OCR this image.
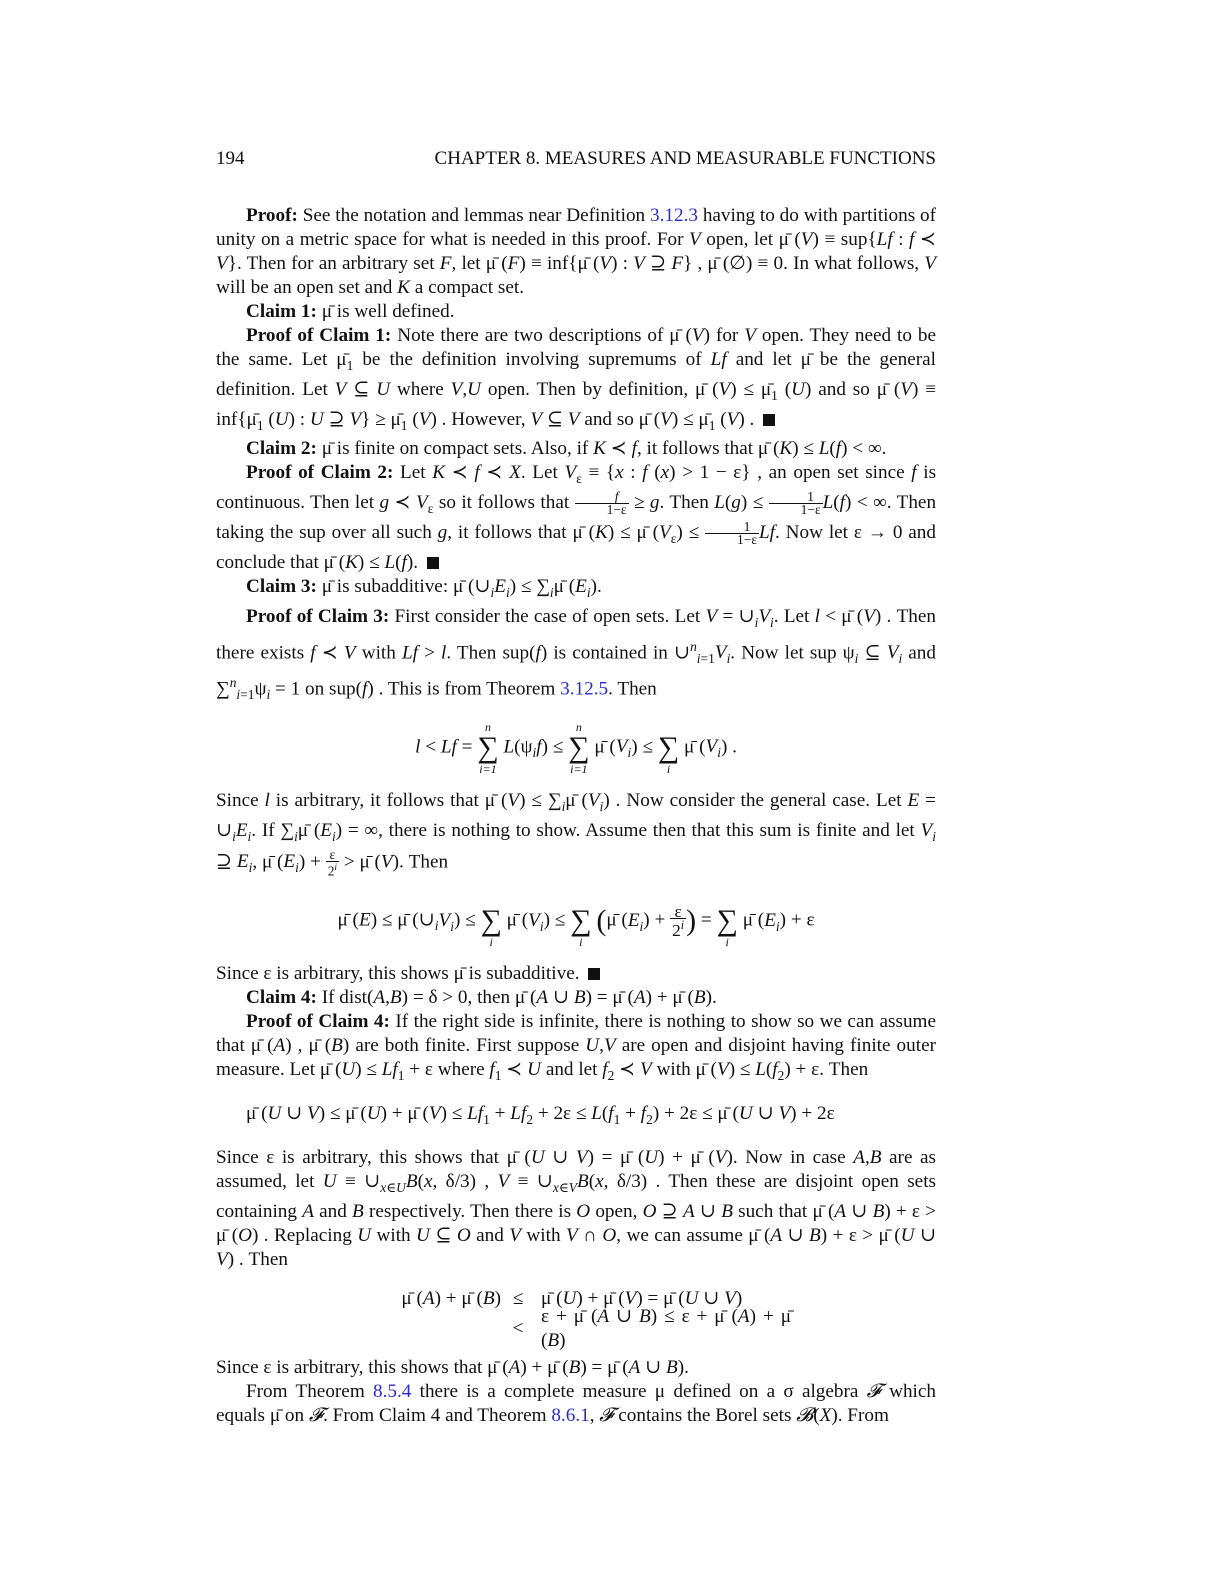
194	CHAPTER 8. MEASURES AND MEASURABLE FUNCTIONS

Proof: See the notation and lemmas near Definition 3.12.3 having to do with partitions of unity on a metric space for what is needed in this proof. For V open, let μ̄ (V) ≡ sup{Lf : f ≺ V}. Then for an arbitrary set F, let μ̄ (F) ≡ inf{μ̄ (V) : V ⊇ F} , μ̄ (∅) ≡ 0. In what follows, V will be an open set and K a compact set.

Claim 1: μ̄ is well defined.

Proof of Claim 1: Note there are two descriptions of μ̄ (V) for V open. They need to be the same. Let $\mū_1$ be the definition involving supremums of Lf and let μ̄ be the general definition. Let V ⊆ U where V,U open. Then by definition, μ̄ $(V) \le \mū_1$ (U) and so μ̄ $(V) \equiv inf\{\mū_1$ (U) : U ⊇ $V\} \ge \mū_1$ (V) . However, V ⊆ V and so μ̄ $(V) \le \mū_1$ (V) .

Claim 2: μ̄ is finite on compact sets. Also, if K ≺ f, it follows that μ̄ (K) ≤ L(f) < ∞.

Proof of Claim 2: Let K ≺ f ≺ X. Let $V_\varepsilon \equiv \{x$ : f (x) > 1 − ε} , an open set since f is continuous. Then let g ≺ $V_\varepsilon$ so it follows that $\frac{f}{1-\varepsilon} \ge g$. Then $L(g) \le \frac{1}{1-\varepsilon} L(f)$ < ∞. Then taking the sup over all such g, it follows that μ̄ (K) ≤ μ̄ $(V_\varepsilon) \le \frac{1}{1-\varepsilon} Lf$. Now let ε → 0 and conclude that μ̄ (K) ≤ L(f).

Claim 3: μ̄ is subadditive: μ̄ $(\cup_iE_i)$ ≤ $\sum_i\mū$ $(E_i)$.

Proof of Claim 3: First consider the case of open sets. Let $V = \cup_iV_i$. Let l < μ̄ (V) . Then there exists f ≺ V with Lf > l. Then sup(f) is contained in $\cup^n_{i=1}V_i$. Now let sup $\psi_i$ ⊆ $V_i$ and $\sum^n_{i=1}\psi_i = 1$ on sup(f) . This is from Theorem 3.12.5. Then

l < Lf =
n
∑
i=1
$L(\psi_if)$ ≤
n
∑
i=1
μ̄ $(V_i)$ ≤
∑
i
μ̄ $(V_i)$ .

Since l is arbitrary, it follows that μ̄ $(V) \le \sum_i\mū$ $(V_i)$ . Now consider the general case. Let $E = \cup_iE_i$. If $\sum_i\mū$ $(E_i)$ = ∞, there is nothing to show. Assume then that this sum is finite and let $V_i$ ⊇ $E_i$, μ̄ $(E_i) + \frac{\varepsilon}{2^i}$ > μ̄ (V). Then

μ̄ (E) ≤ μ̄ $(\cup_iV_i)$ ≤
∑
i
μ̄ $(V_i)$ ≤
∑
i
(μ̄ $(E_i) + \frac{\varepsilon}{2^i}$ ) =
∑
i
μ̄ $(E_i) + \varepsilon$

Since ε is arbitrary, this shows μ̄ is subadditive.

Claim 4: If dist(A,B) = δ > 0, then μ̄ (A ∪ B) = μ̄ (A) + μ̄ (B).

Proof of Claim 4: If the right side is infinite, there is nothing to show so we can assume that μ̄ (A) , μ̄ (B) are both finite. First suppose U,V are open and disjoint having finite outer measure. Let μ̄ $(U) \le Lf_1 + \varepsilon$ where $f_1$ ≺ U and let $f_2$ ≺ V with μ̄ $(V) \le L(f_2) + \varepsilon$. Then

μ̄ (U ∪ V) ≤ μ̄ (U) + μ̄ $(V) \le Lf_1 + Lf_2 + 2\varepsilon \le L(f_1 + f_2) + 2\varepsilon$ ≤ μ̄ (U ∪ V) + 2ε

Since ε is arbitrary, this shows that μ̄ (U ∪ V) = μ̄ (U) + μ̄ (V). Now in case A,B are as assumed, let $U \equiv \cup_{x\in U}B(x$, δ/3) , $V \equiv \cup_{x\in V}B(x$, δ/3) . Then these are disjoint open sets containing A and B respectively. Then there is O open, O ⊇ A ∪ B such that μ̄ (A ∪ B) + ε > μ̄ (O) . Replacing U with U ⊆ O and V with V ∩ O, we can assume μ̄ (A ∪ B) + ε > μ̄ (U ∪ V) . Then

μ̄ (A) + μ̄ (B) ≤ μ̄ (U) + μ̄ (V) = μ̄ (U ∪ V)
<
ε + μ̄ (A ∪ B) ≤ ε + μ̄ (A) + μ̄ (B)

Since ε is arbitrary, this shows that μ̄ (A) + μ̄ (B) = μ̄ (A ∪ B).

From Theorem 8.5.4 there is a complete measure μ defined on a σ algebra 𝓕 which equals μ̄ on 𝓕. From Claim 4 and Theorem 8.6.1, 𝓕 contains the Borel sets 𝓑(X). From
